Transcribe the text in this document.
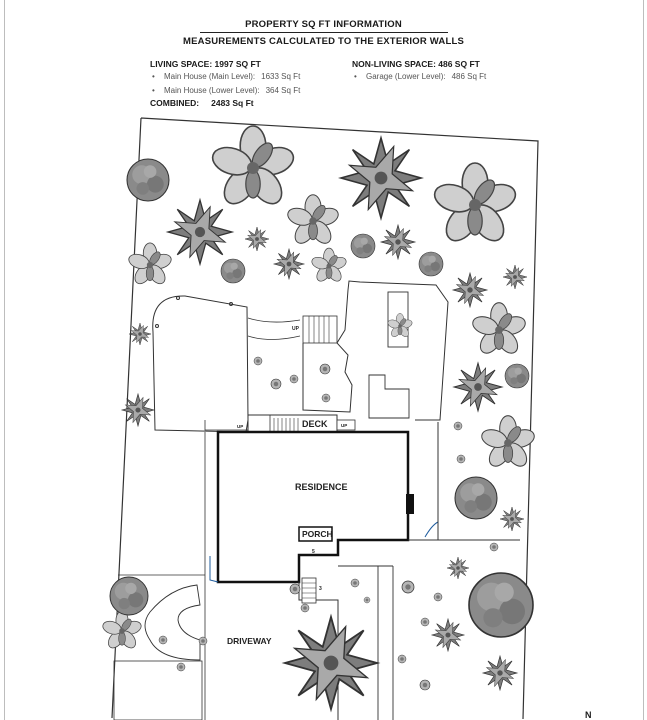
PROPERTY SQ FT INFORMATION
MEASUREMENTS CALCULATED TO THE EXTERIOR WALLS
LIVING SPACE: 1997 SQ FT
• Main House (Main Level): 1633 Sq Ft
• Main House (Lower Level): 364 Sq Ft
COMBINED: 2483 Sq Ft
NON-LIVING SPACE: 486 SQ FT
• Garage (Lower Level): 486 Sq Ft
UP
UP	DECK	UP
RESIDENCE
PORCH
5
3
DRIVEWAY
N
